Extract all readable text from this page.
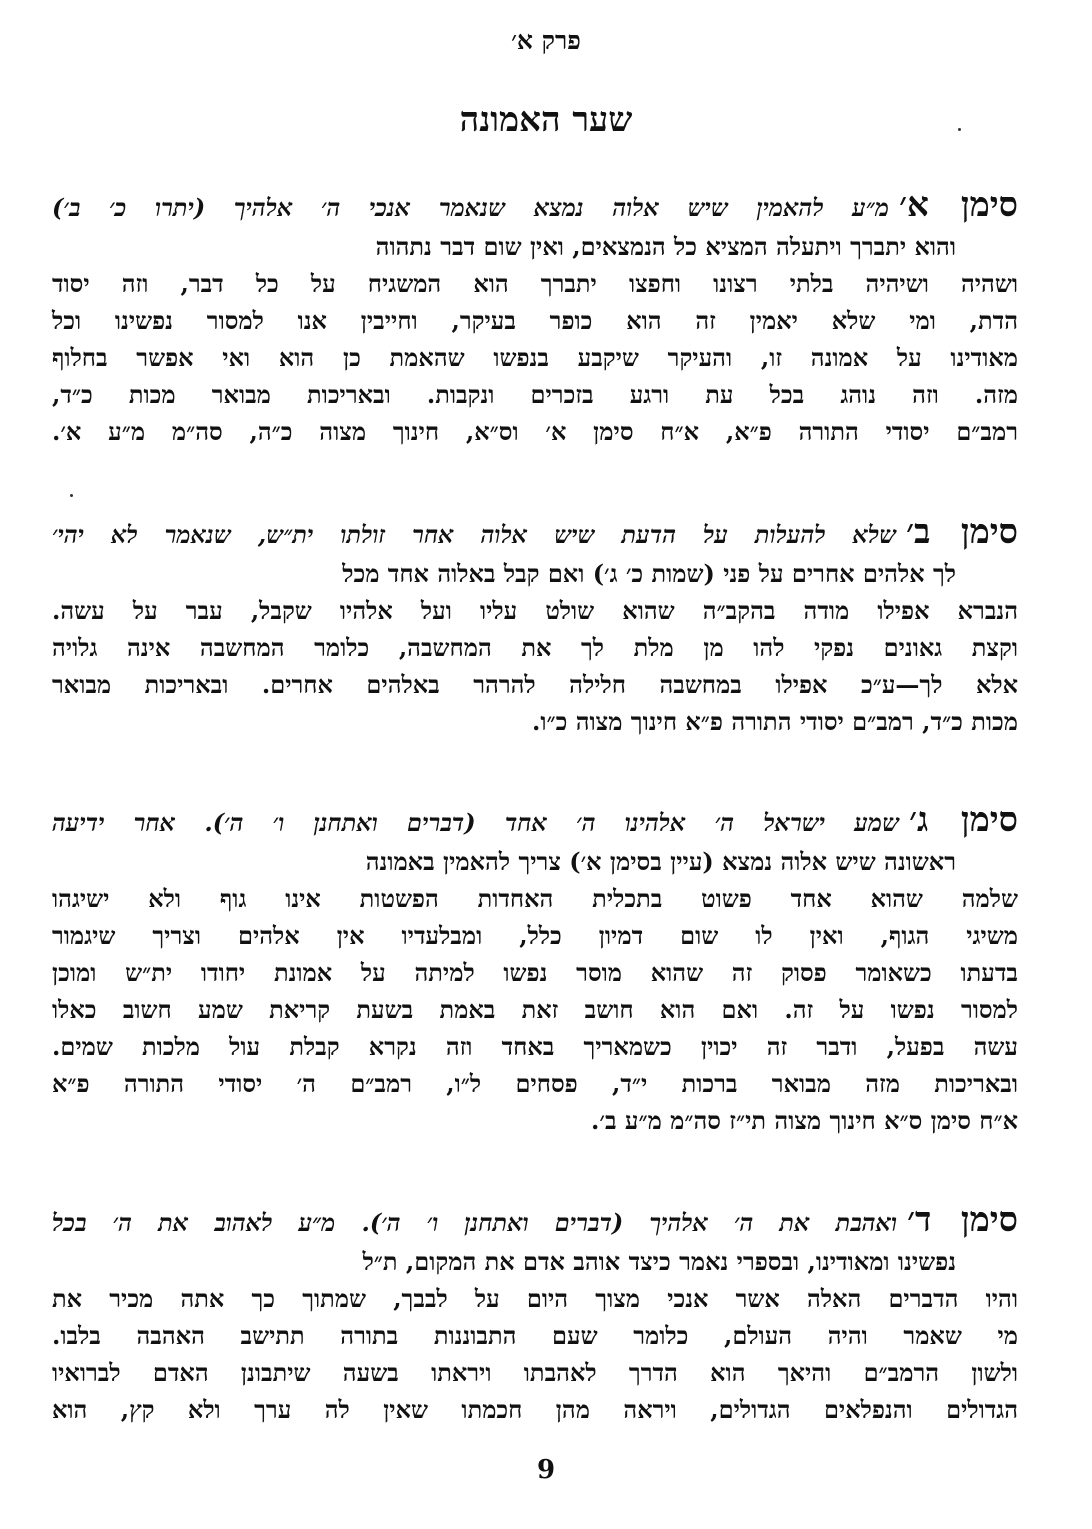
פרק א׳
שער האמונה
סימן א׳מ״ע להאמין שיש אלוה נמצא שנאמר אנכי ה׳ אלהיך (יתרו כ׳ ב׳)
והוא יתברך ויתעלה המציא כל הנמצאים, ואין שום דבר נתהוה
ושהיה ושיהיה בלתי רצונו וחפצו יתברך הוא המשגיח על כל דבר, וזה יסוד
הדת, ומי שלא יאמין זה הוא כופר בעיקר, וחייבין אנו למסור נפשינו וכל
מאודינו על אמונה זו, והעיקר שיקבע בנפשו שהאמת כן הוא ואי אפשר בחלוף
מזה. וזה נוהג בכל עת ורגע בזכרים ונקבות. ובאריכות מבואר מכות כ״ד,
רמב״ם יסודי התורה פ״א, א״ח סימן א׳ וס״א, חינוך מצוה כ״ה, סה״מ מ״ע א׳.
סימן ב׳שלא להעלות על הדעת שיש אלוה אחר זולתו ית״ש, שנאמר לא יהי׳
לך אלהים אחרים על פני (שמות כ׳ ג׳) ואם קבל באלוה אחד מכל
הנברא אפילו מודה בהקב״ה שהוא שולט עליו ועל אלהיו שקבל, עבר על עשה.
וקצת גאונים נפקי להו מן מלת לך את המחשבה, כלומר המחשבה אינה גלויה
אלא לך—ע״כ אפילו במחשבה חלילה להרהר באלהים אחרים. ובאריכות מבואר
מכות כ״ד, רמב״ם יסודי התורה פ״א חינוך מצוה כ״ו.
סימן ג׳שמע ישראל ה׳ אלהינו ה׳ אחד (דברים ואתחנן ו׳ ה׳). אחר ידיעה
ראשונה שיש אלוה נמצא (עיין בסימן א׳) צריך להאמין באמונה
שלמה שהוא אחד פשוט בתכלית האחדות הפשטות אינו גוף ולא ישיגהו
משיגי הגוף, ואין לו שום דמיון כלל, ומבלעדיו אין אלהים וצריך שיגמור
בדעתו כשאומר פסוק זה שהוא מוסר נפשו למיתה על אמונת יחודו ית״ש ומוכן
למסור נפשו על זה. ואם הוא חושב זאת באמת בשעת קריאת שמע חשוב כאלו
עשה בפעל, ודבר זה יכוין כשמאריך באחד וזה נקרא קבלת עול מלכות שמים.
ובאריכות מזה מבואר ברכות י״ד, פסחים ל״ו, רמב״ם ה׳ יסודי התורה פ״א
א״ח סימן ס״א חינוך מצוה תי״ז סה״מ מ״ע ב׳.
סימן ד׳ואהבת את ה׳ אלהיך (דברים ואתחנן ו׳ ה׳). מ״ע לאהוב את ה׳ בכל
נפשינו ומאודינו, ובספרי נאמר כיצד אוהב אדם את המקום, ת״ל
והיו הדברים האלה אשר אנכי מצוך היום על לבבך, שמתוך כך אתה מכיר את
מי שאמר והיה העולם, כלומר שעם התבוננות בתורה תתישב האהבה בלבו.
ולשון הרמב״ם והיאך הוא הדרך לאהבתו ויראתו בשעה שיתבונן האדם לברואיו
הגדולים והנפלאים הגדולים, ויראה מהן חכמתו שאין לה ערך ולא קץ, הוא
9
